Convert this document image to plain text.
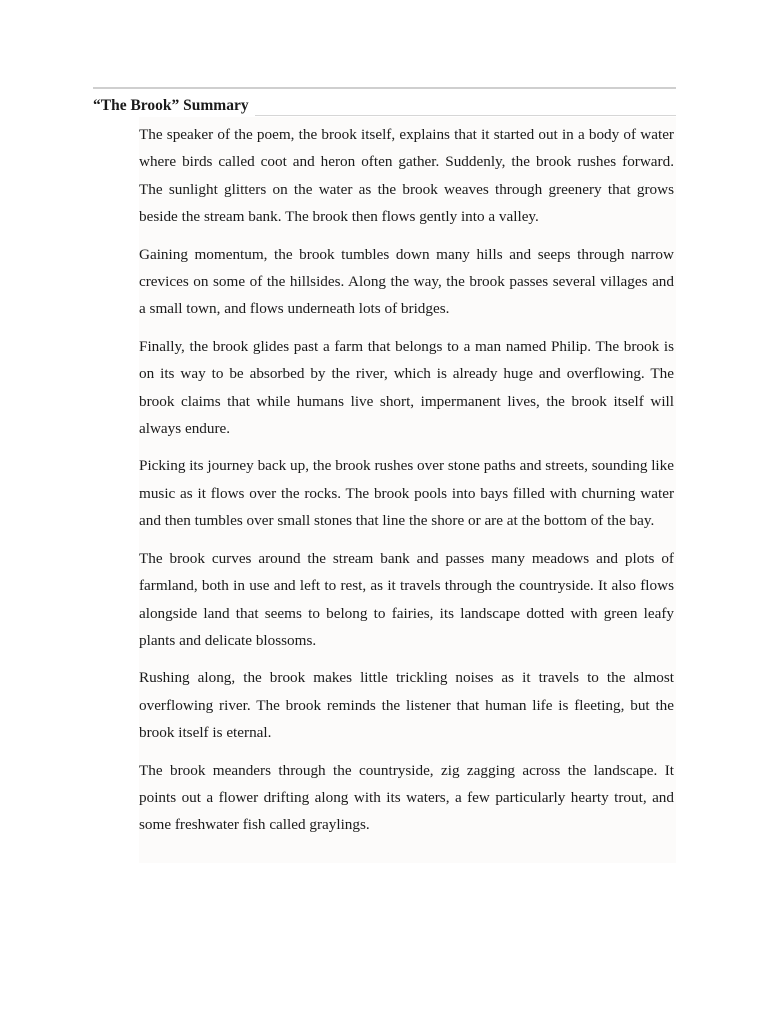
“The Brook” Summary

The speaker of the poem, the brook itself, explains that it started out in a body of water where birds called coot and heron often gather. Suddenly, the brook rushes forward. The sunlight glitters on the water as the brook weaves through greenery that grows beside the stream bank. The brook then flows gently into a valley.

Gaining momentum, the brook tumbles down many hills and seeps through narrow crevices on some of the hillsides. Along the way, the brook passes several villages and a small town, and flows underneath lots of bridges.

Finally, the brook glides past a farm that belongs to a man named Philip. The brook is on its way to be absorbed by the river, which is already huge and overflowing. The brook claims that while humans live short, impermanent lives, the brook itself will always endure.

Picking its journey back up, the brook rushes over stone paths and streets, sounding like music as it flows over the rocks. The brook pools into bays filled with churning water and then tumbles over small stones that line the shore or are at the bottom of the bay.

The brook curves around the stream bank and passes many meadows and plots of farmland, both in use and left to rest, as it travels through the countryside. It also flows alongside land that seems to belong to fairies, its landscape dotted with green leafy plants and delicate blossoms.

Rushing along, the brook makes little trickling noises as it travels to the almost overflowing river. The brook reminds the listener that human life is fleeting, but the brook itself is eternal.

The brook meanders through the countryside, zig zagging across the landscape. It points out a flower drifting along with its waters, a few particularly hearty trout, and some freshwater fish called graylings.
